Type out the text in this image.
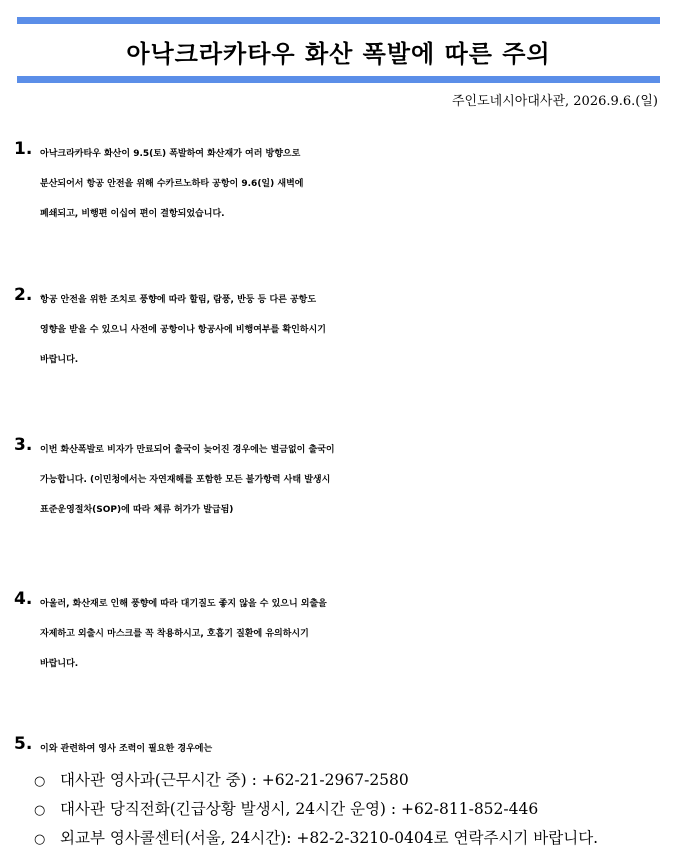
아낙크라카타우 화산 폭발에 따른 주의
주인도네시아대사관, 2026.9.6.(일)
1. 아낙크라카타우 화산이 9.5(토) 폭발하여 화산재가 여러 방향으로
분산되어서 항공 안전을 위해 수카르노하타 공항이 9.6(일) 새벽에
폐쇄되고, 비행편 이십여 편이 결항되었습니다.
2. 항공 안전을 위한 조치로 풍향에 따라 할림, 람풍, 반둥 등 다른 공항도
영향을 받을 수 있으니 사전에 공항이나 항공사에 비행여부를 확인하시기
바랍니다.
3. 이번 화산폭발로 비자가 만료되어 출국이 늦어진 경우에는 벌금없이 출국이
가능합니다. (이민청에서는 자연재해를 포함한 모든 불가항력 사태 발생시
표준운영절차(SOP)에 따라 체류 허가가 발급됨)
4. 아울러, 화산재로 인해 풍향에 따라 대기질도 좋지 않을 수 있으니 외출을
자제하고 외출시 마스크를 꼭 착용하시고, 호흡기 질환에 유의하시기
바랍니다.
5. 이와 관련하여 영사 조력이 필요한 경우에는
○ 대사관 영사과(근무시간 중) : +62-21-2967-2580
○ 대사관 당직전화(긴급상황 발생시, 24시간 운영) : +62-811-852-446
○ 외교부 영사콜센터(서울, 24시간): +82-2-3210-0404로 연락주시기 바랍니다.
